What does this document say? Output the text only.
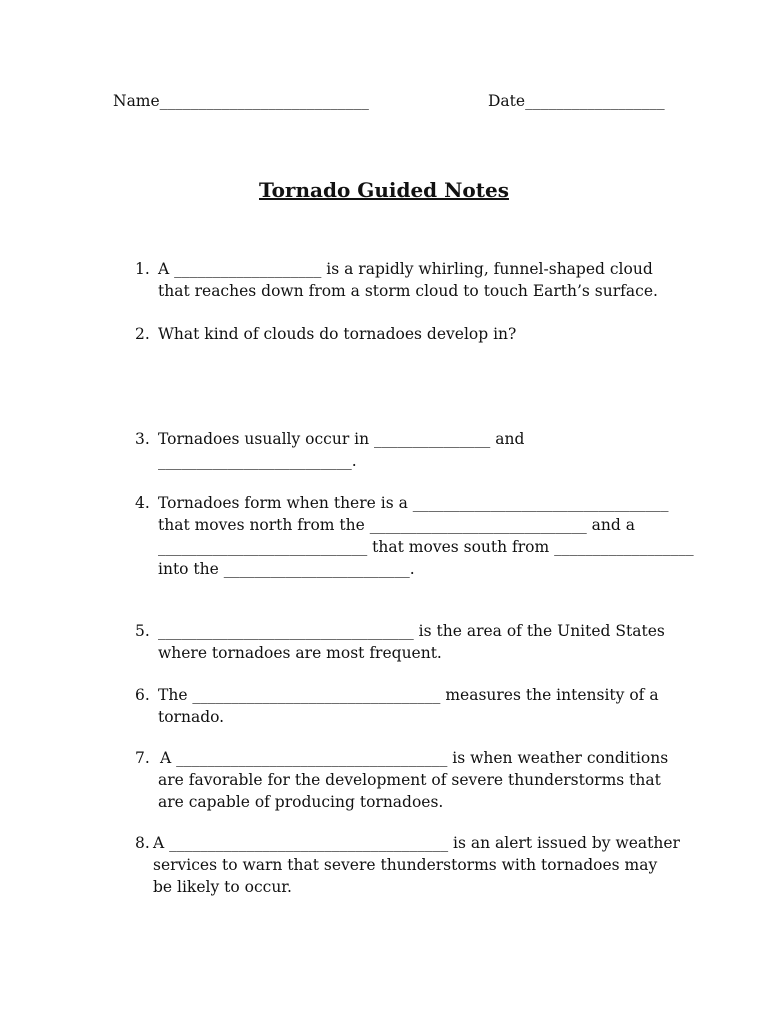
Name___________________________	Date__________________
Tornado Guided Notes
1. A ___________________ is a rapidly whirling, funnel-shaped cloud
that reaches down from a storm cloud to touch Earth’s surface.
2. What kind of clouds do tornadoes develop in?
3. Tornadoes usually occur in _______________ and
_________________________.
4. Tornadoes form when there is a _________________________________
that moves north from the ____________________________ and a
___________________________ that moves south from __________________
into the ________________________.
5. _________________________________ is the area of the United States
where tornadoes are most frequent.
6. The ________________________________ measures the intensity of a
tornado.
7. A ___________________________________ is when weather conditions
are favorable for the development of severe thunderstorms that
are capable of producing tornadoes.
8. A ____________________________________ is an alert issued by weather
services to warn that severe thunderstorms with tornadoes may
be likely to occur.
